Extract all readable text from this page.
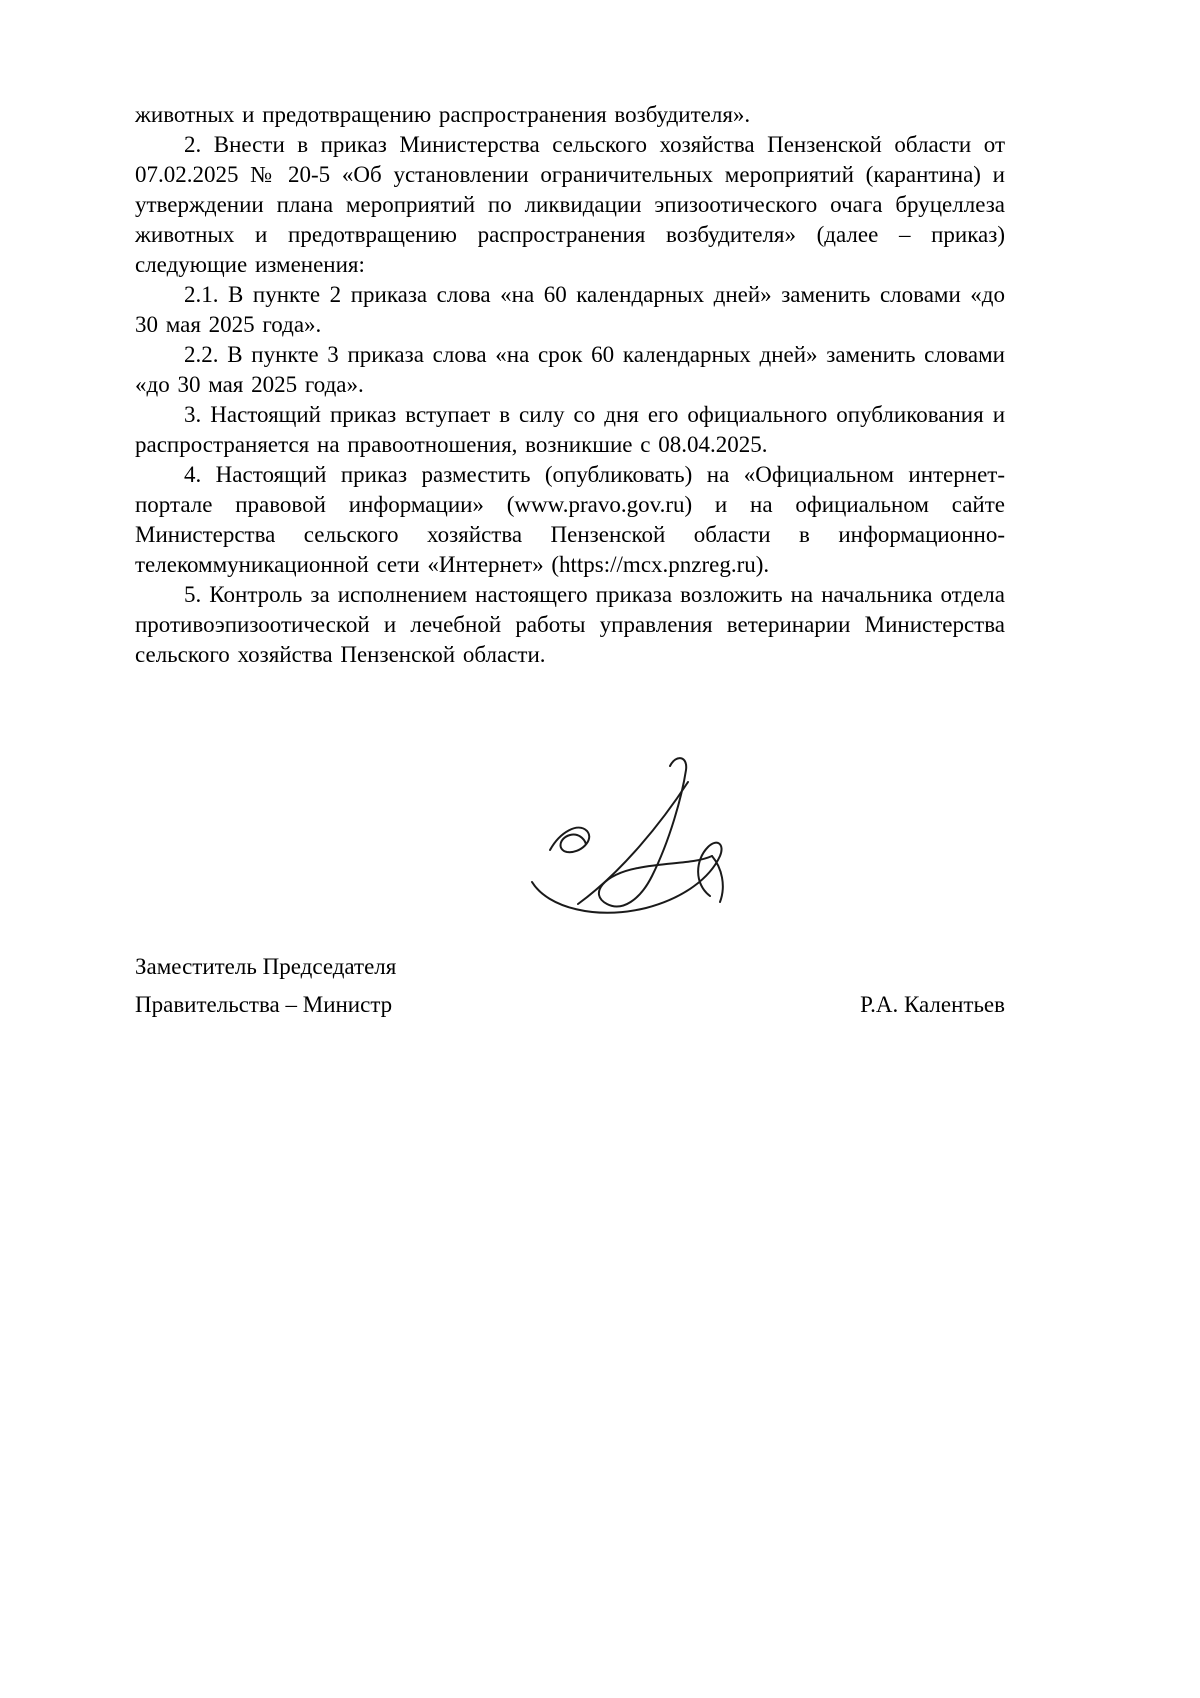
животных и предотвращению распространения возбудителя».

2. Внести в приказ Министерства сельского хозяйства Пензенской области от 07.02.2025 № 20-5 «Об установлении ограничительных мероприятий (карантина) и утверждении плана мероприятий по ликвидации эпизоотического очага бруцеллеза животных и предотвращению распространения возбудителя» (далее – приказ) следующие изменения:

2.1. В пункте 2 приказа слова «на 60 календарных дней» заменить словами «до 30 мая 2025 года».

2.2. В пункте 3 приказа слова «на срок 60 календарных дней» заменить словами «до 30 мая 2025 года».

3. Настоящий приказ вступает в силу со дня его официального опубликования и распространяется на правоотношения, возникшие с 08.04.2025.

4. Настоящий приказ разместить (опубликовать) на «Официальном интернет-портале правовой информации» (www.pravo.gov.ru) и на официальном сайте Министерства сельского хозяйства Пензенской области в информационно-телекоммуникационной сети «Интернет» (https://mcx.pnzreg.ru).

5. Контроль за исполнением настоящего приказа возложить на начальника отдела противоэпизоотической и лечебной работы управления ветеринарии Министерства сельского хозяйства Пензенской области.

Заместитель Председателя
Правительства – Министр	Р.А. Калентьев
